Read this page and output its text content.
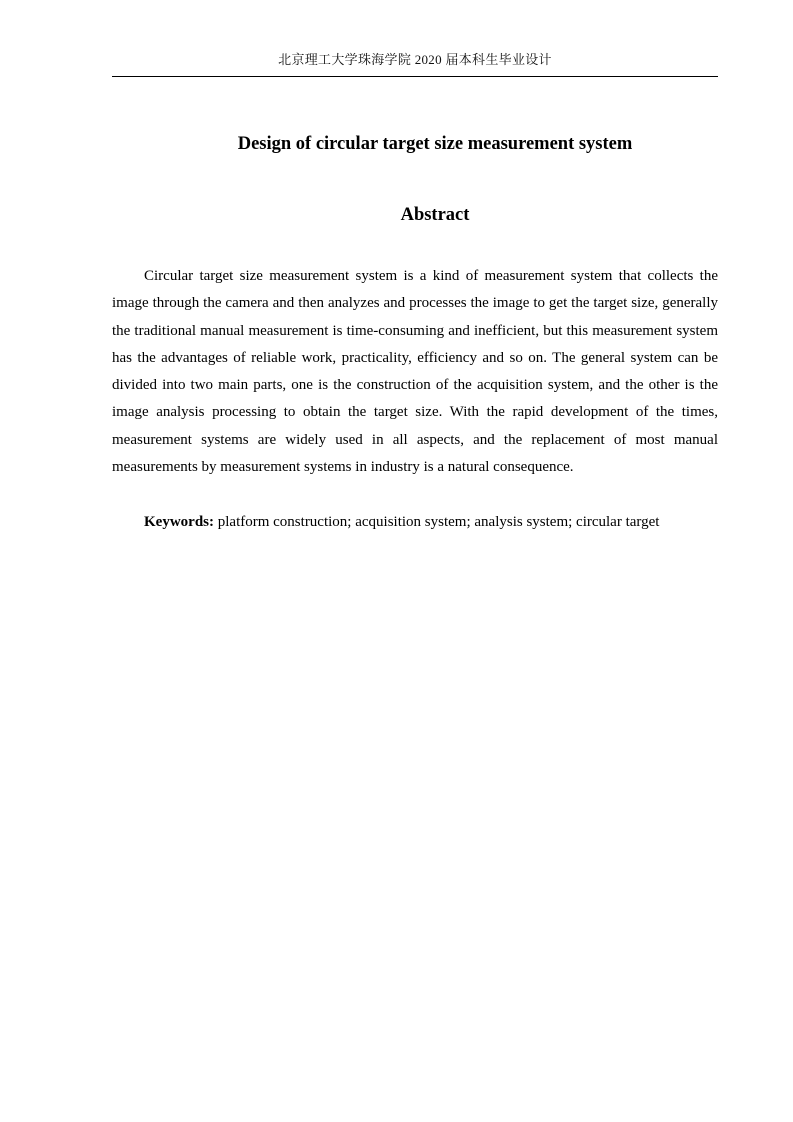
北京理工大学珠海学院 2020 届本科生毕业设计
Design of circular target size measurement system
Abstract

Circular target size measurement system is a kind of measurement system that collects the image through the camera and then analyzes and processes the image to get the target size, generally the traditional manual measurement is time-consuming and inefficient, but this measurement system has the advantages of reliable work, practicality, efficiency and so on. The general system can be divided into two main parts, one is the construction of the acquisition system, and the other is the image analysis processing to obtain the target size. With the rapid development of the times, measurement systems are widely used in all aspects, and the replacement of most manual measurements by measurement systems in industry is a natural consequence.

Keywords: platform construction; acquisition system; analysis system; circular target
